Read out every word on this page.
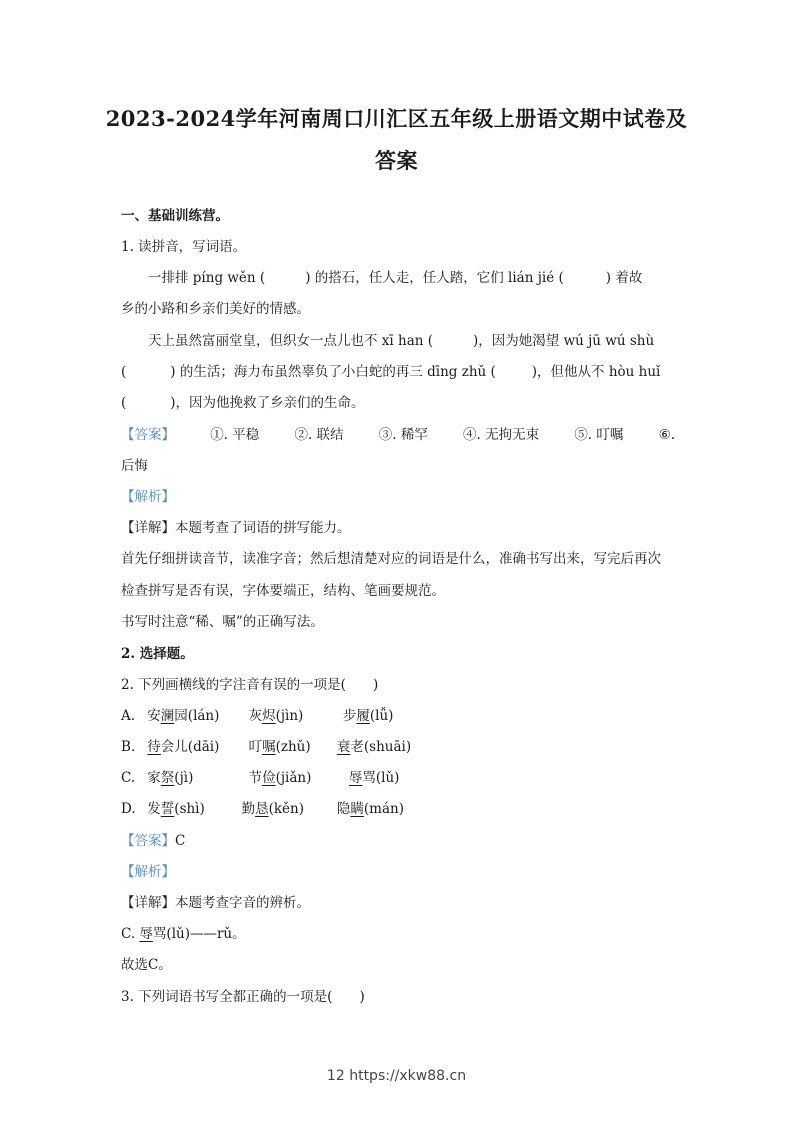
2023-2024学年河南周口川汇区五年级上册语文期中试卷及
答案
一、基础训练营。
1. 读拼音，写词语。
一排排 píng wěn (	) 的搭石，任人走，任人踏，它们 lián jié (	) 着故
乡的小路和乡亲们美好的情感。
天上虽然富丽堂皇，但织女一点儿也不 xī han (	)，因为她渴望 wú jū wú shù
(	) 的生活；海力布虽然辜负了小白蛇的再三 dīng zhǔ (	)，但他从不 hòu huǐ
(	)，因为他挽救了乡亲们的生命。
【答案】	①. 平稳	②. 联结	③. 稀罕	④. 无拘无束	⑤. 叮嘱	⑥.
后悔
【解析】
【详解】本题考查了词语的拼写能力。
首先仔细拼读音节，读准字音；然后想清楚对应的词语是什么，准确书写出来，写完后再次
检查拼写是否有误，字体要端正，结构、笔画要规范。
书写时注意“稀、嘱”的正确写法。
2. 选择题。
2. 下列画横线的字注音有误的一项是(　　)
A. 安澜园(lán) 灰烬(jìn)	步履(lǚ)
B. 待会儿(dāi) 叮嘱(zhǔ) 衰老(shuāi)
C. 家祭(jì)	节俭(jiǎn)	辱骂(lǔ)
D. 发誓(shì)	勤恳(kěn) 隐瞒(mán)
【答案】C
【解析】
【详解】本题考查字音的辨析。
C. 辱骂(lǔ)——rǔ。
故选C。
3. 下列词语书写全都正确的一项是(　　)
12 https://xkw88.cn
